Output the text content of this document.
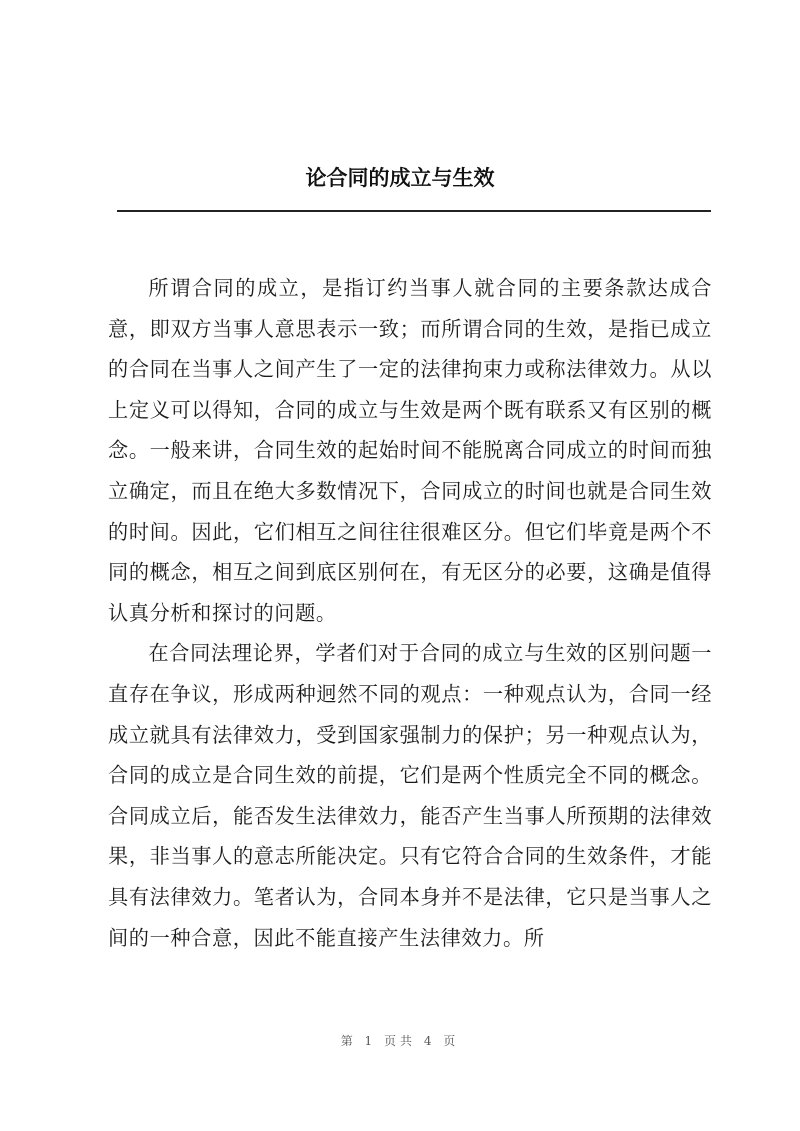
论合同的成立与生效

所谓合同的成立，是指订约当事人就合同的主要条款达成合意，即双方当事人意思表示一致；而所谓合同的生效，是指已成立的合同在当事人之间产生了一定的法律拘束力或称法律效力。从以上定义可以得知，合同的成立与生效是两个既有联系又有区别的概念。一般来讲，合同生效的起始时间不能脱离合同成立的时间而独立确定，而且在绝大多数情况下，合同成立的时间也就是合同生效的时间。因此，它们相互之间往往很难区分。但它们毕竟是两个不同的概念，相互之间到底区别何在，有无区分的必要，这确是值得认真分析和探讨的问题。

在合同法理论界，学者们对于合同的成立与生效的区别问题一直存在争议，形成两种迥然不同的观点：一种观点认为，合同一经成立就具有法律效力，受到国家强制力的保护；另一种观点认为，合同的成立是合同生效的前提，它们是两个性质完全不同的概念。合同成立后，能否发生法律效力，能否产生当事人所预期的法律效果，非当事人的意志所能决定。只有它符合合同的生效条件，才能具有法律效力。笔者认为，合同本身并不是法律，它只是当事人之间的一种合意，因此不能直接产生法律效力。所

第 1 页共 4 页
